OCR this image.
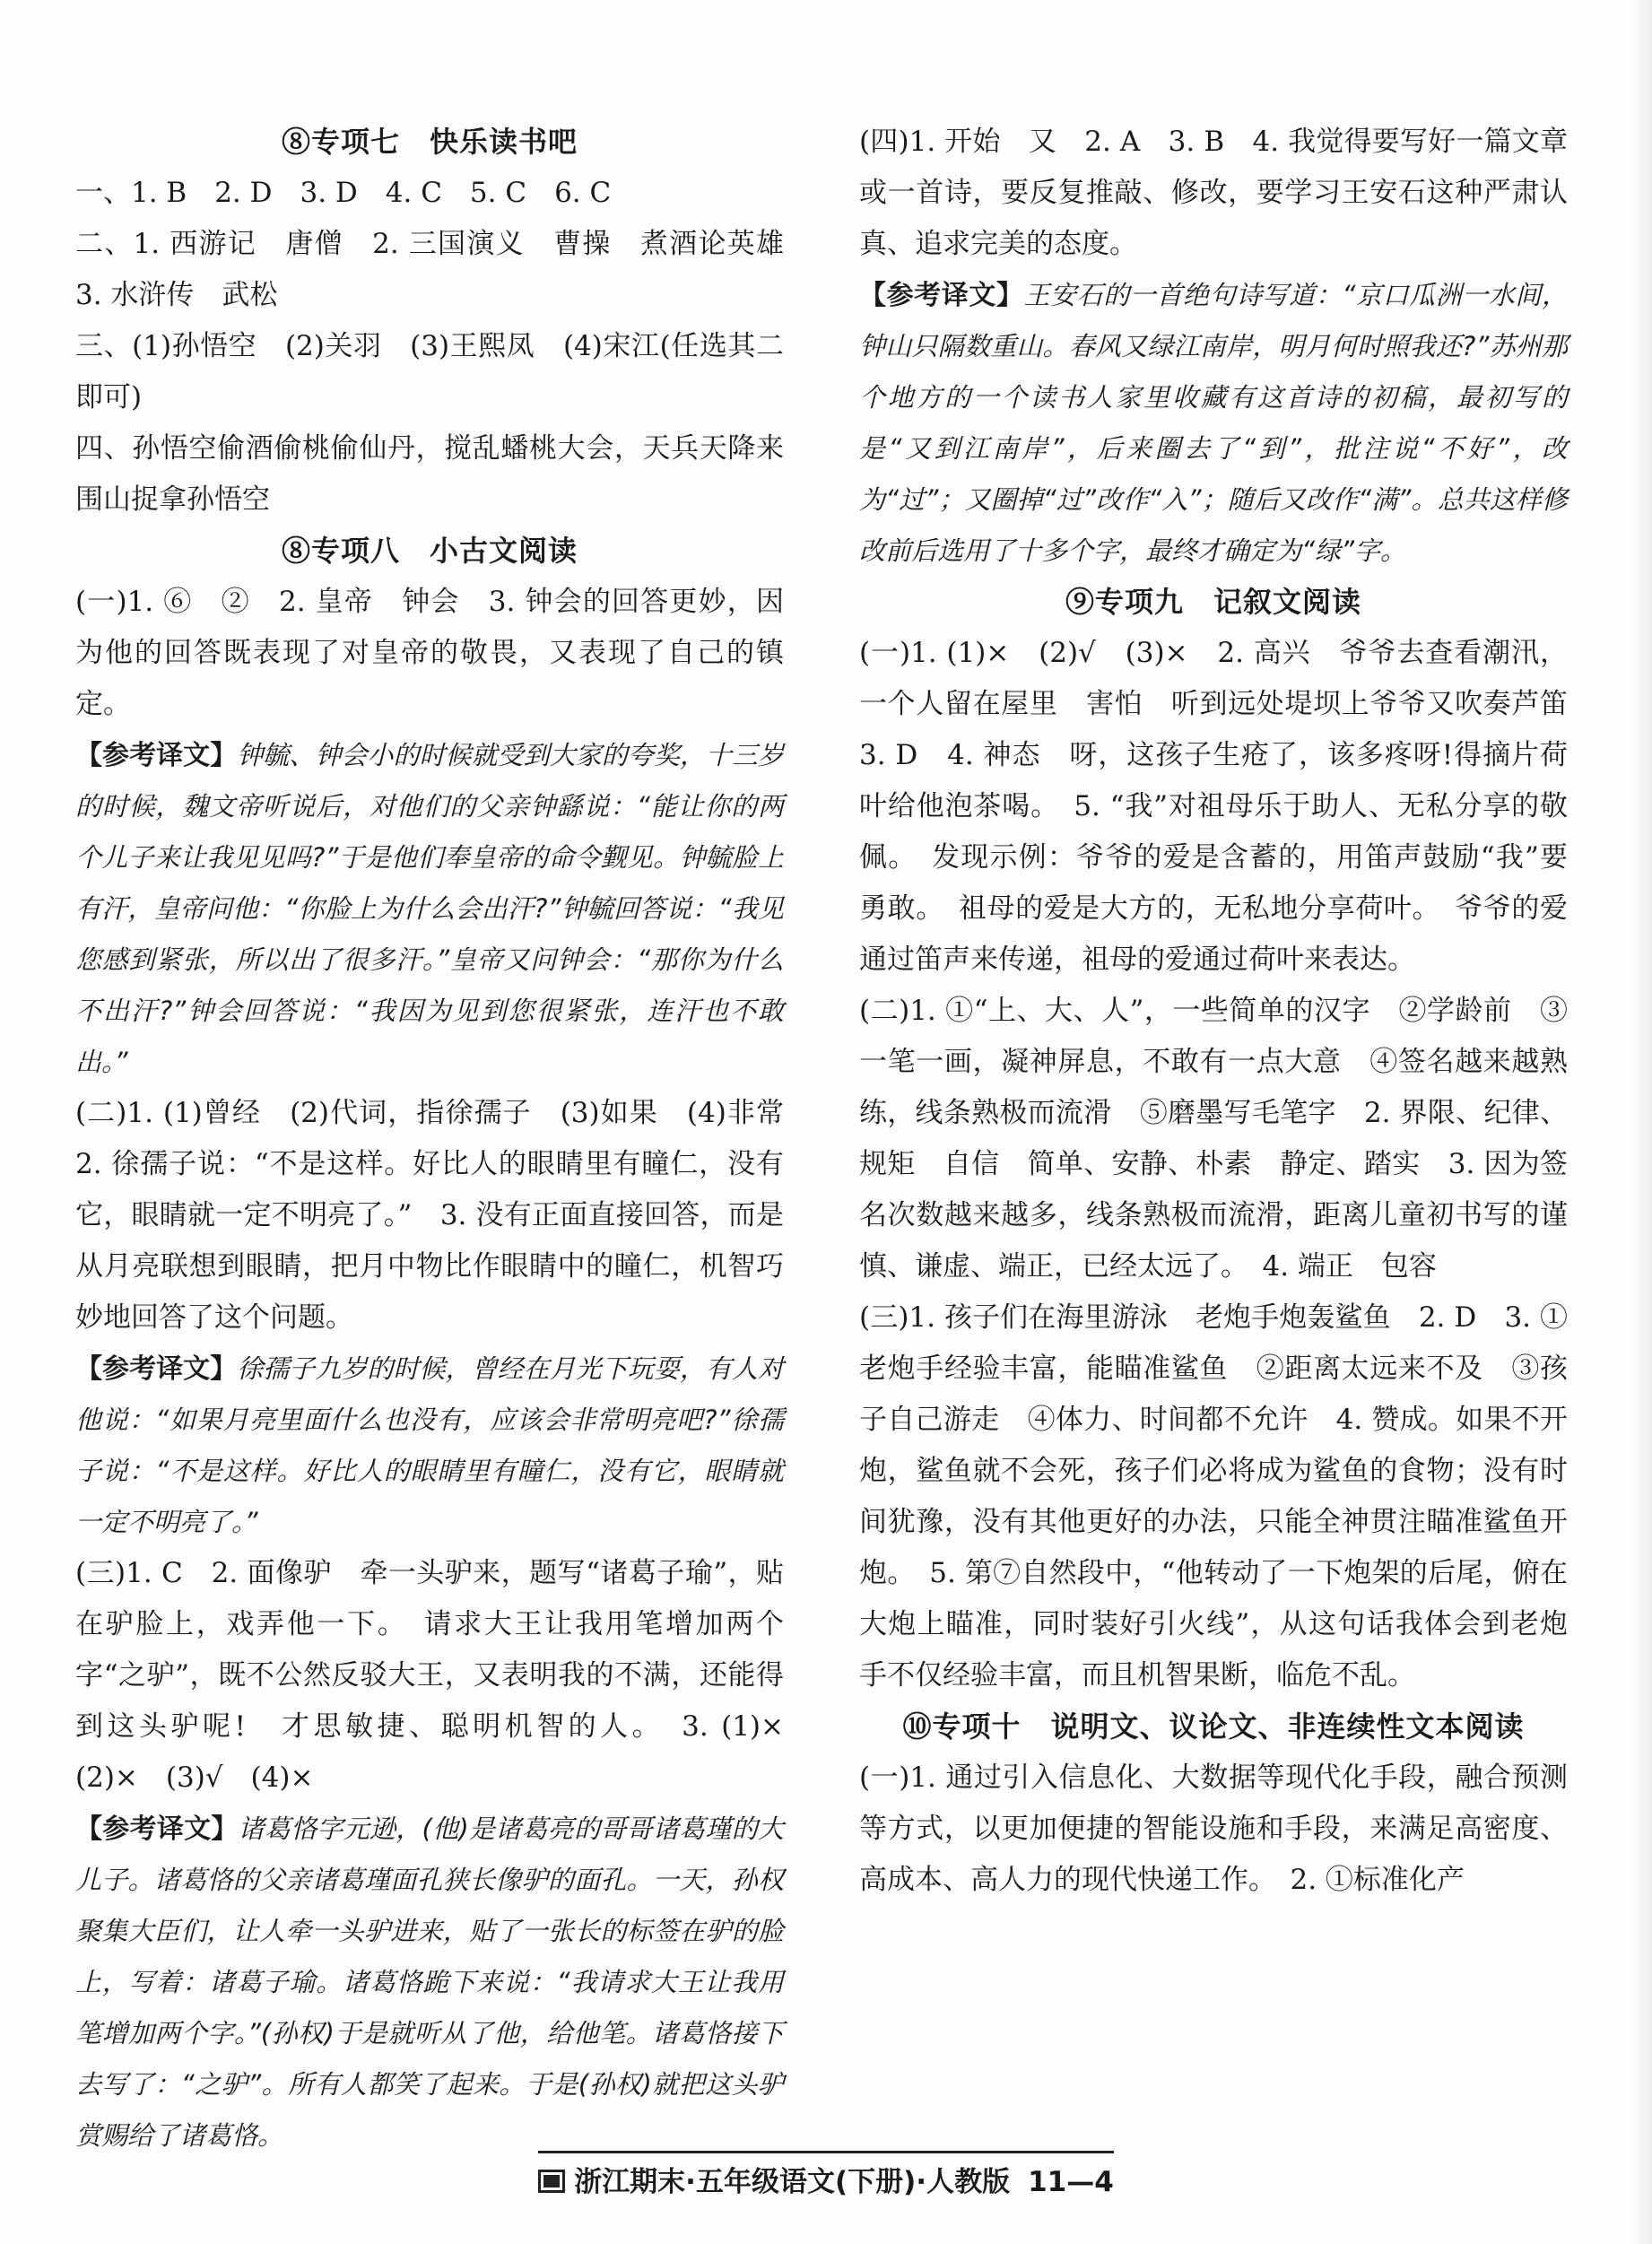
⑧专项七　快乐读书吧

一、1. B　2. D　3. D　4. C　5. C　6. C

二、1. 西游记　唐僧　2. 三国演义　曹操　煮酒论英雄　3. 水浒传　武松

三、(1)孙悟空　(2)关羽　(3)王熙凤　(4)宋江(任选其二即可)

四、孙悟空偷酒偷桃偷仙丹，搅乱蟠桃大会，天兵天降来围山捉拿孙悟空

⑧专项八　小古文阅读

(一)1. ⑥　②　2. 皇帝　钟会　3. 钟会的回答更妙，因为他的回答既表现了对皇帝的敬畏，又表现了自己的镇定。

【参考译文】钟毓、钟会小的时候就受到大家的夸奖，十三岁的时候，魏文帝听说后，对他们的父亲钟繇说：“能让你的两个儿子来让我见见吗?”于是他们奉皇帝的命令觐见。钟毓脸上有汗，皇帝问他：“你脸上为什么会出汗?”钟毓回答说：“我见您感到紧张，所以出了很多汗。”皇帝又问钟会：“那你为什么不出汗?”钟会回答说：“我因为见到您很紧张，连汗也不敢出。”

(二)1. (1)曾经　(2)代词，指徐孺子　(3)如果　(4)非常　2. 徐孺子说：“不是这样。好比人的眼睛里有瞳仁，没有它，眼睛就一定不明亮了。”　3. 没有正面直接回答，而是从月亮联想到眼睛，把月中物比作眼睛中的瞳仁，机智巧妙地回答了这个问题。

【参考译文】徐孺子九岁的时候，曾经在月光下玩耍，有人对他说：“如果月亮里面什么也没有，应该会非常明亮吧?”徐孺子说：“不是这样。好比人的眼睛里有瞳仁，没有它，眼睛就一定不明亮了。”

(三)1. C　2. 面像驴　牵一头驴来，题写“诸葛子瑜”，贴在驴脸上，戏弄他一下。　请求大王让我用笔增加两个字“之驴”，既不公然反驳大王，又表明我的不满，还能得到这头驴呢!　才思敏捷、聪明机智的人。　3. (1)×　(2)×　(3)√　(4)×

【参考译文】诸葛恪字元逊，(他)是诸葛亮的哥哥诸葛瑾的大儿子。诸葛恪的父亲诸葛瑾面孔狭长像驴的面孔。一天，孙权聚集大臣们，让人牵一头驴进来，贴了一张长的标签在驴的脸上，写着：诸葛子瑜。诸葛恪跪下来说：“我请求大王让我用笔增加两个字。”(孙权)于是就听从了他，给他笔。诸葛恪接下去写了：“之驴”。所有人都笑了起来。于是(孙权)就把这头驴赏赐给了诸葛恪。

(四)1. 开始　又　2. A　3. B　4. 我觉得要写好一篇文章或一首诗，要反复推敲、修改，要学习王安石这种严肃认真、追求完美的态度。

【参考译文】王安石的一首绝句诗写道：“京口瓜洲一水间，钟山只隔数重山。春风又绿江南岸，明月何时照我还?”苏州那个地方的一个读书人家里收藏有这首诗的初稿，最初写的是“又到江南岸”，后来圈去了“到”，批注说“不好”，改为“过”；又圈掉“过”改作“入”；随后又改作“满”。总共这样修改前后选用了十多个字，最终才确定为“绿”字。

⑨专项九　记叙文阅读

(一)1. (1)×　(2)√　(3)×　2. 高兴　爷爷去查看潮汛，一个人留在屋里　害怕　听到远处堤坝上爷爷又吹奏芦笛　3. D　4. 神态　呀，这孩子生疮了，该多疼呀!得摘片荷叶给他泡茶喝。　5. “我”对祖母乐于助人、无私分享的敬佩。　发现示例：爷爷的爱是含蓄的，用笛声鼓励“我”要勇敢。　祖母的爱是大方的，无私地分享荷叶。　爷爷的爱通过笛声来传递，祖母的爱通过荷叶来表达。

(二)1. ①“上、大、人”，一些简单的汉字　②学龄前　③一笔一画，凝神屏息，不敢有一点大意　④签名越来越熟练，线条熟极而流滑　⑤磨墨写毛笔字　2. 界限、纪律、规矩　自信　简单、安静、朴素　静定、踏实　3. 因为签名次数越来越多，线条熟极而流滑，距离儿童初书写的谨慎、谦虚、端正，已经太远了。　4. 端正　包容

(三)1. 孩子们在海里游泳　老炮手炮轰鲨鱼　2. D　3. ①老炮手经验丰富，能瞄准鲨鱼　②距离太远来不及　③孩子自己游走　④体力、时间都不允许　4. 赞成。如果不开炮，鲨鱼就不会死，孩子们必将成为鲨鱼的食物；没有时间犹豫，没有其他更好的办法，只能全神贯注瞄准鲨鱼开炮。　5. 第⑦自然段中，“他转动了一下炮架的后尾，俯在大炮上瞄准，同时装好引火线”，从这句话我体会到老炮手不仅经验丰富，而且机智果断，临危不乱。

⑩专项十　说明文、议论文、非连续性文本阅读

(一)1. 通过引入信息化、大数据等现代化手段，融合预测等方式，以更加便捷的智能设施和手段，来满足高密度、高成本、高人力的现代快递工作。　2. ①标准化产

浙江期末·五年级语文(下册)·人教版 11—4
